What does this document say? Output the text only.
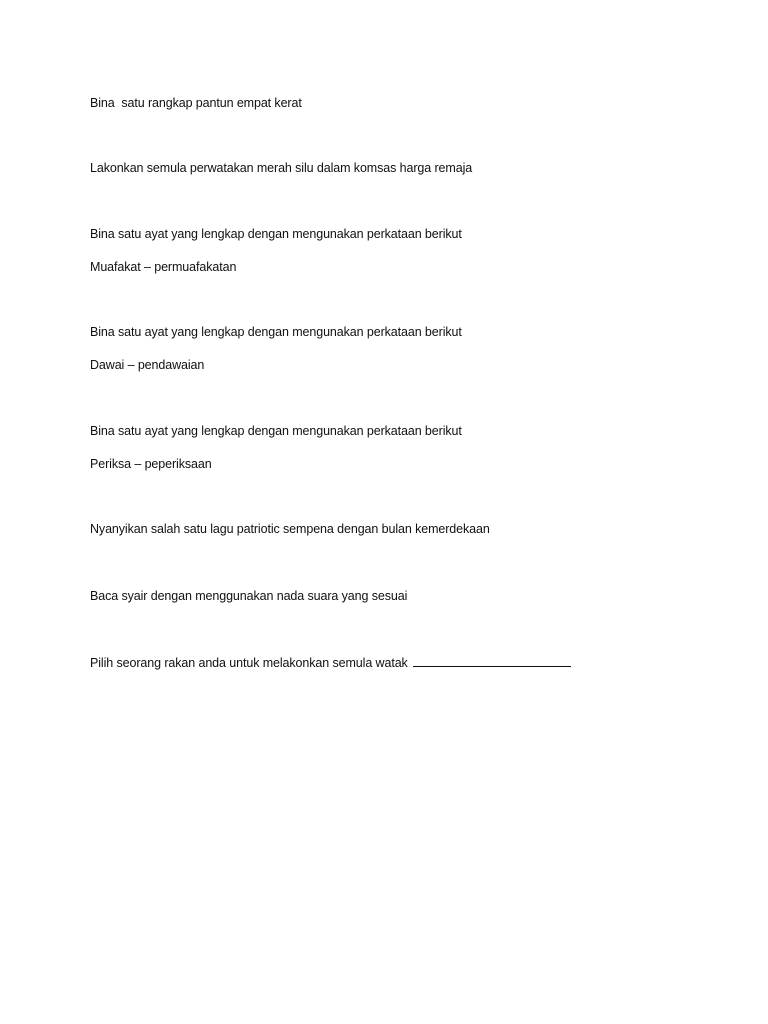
Bina  satu rangkap pantun empat kerat

Lakonkan semula perwatakan merah silu dalam komsas harga remaja

Bina satu ayat yang lengkap dengan mengunakan perkataan berikut

Muafakat – permuafakatan

Bina satu ayat yang lengkap dengan mengunakan perkataan berikut

Dawai – pendawaian

Bina satu ayat yang lengkap dengan mengunakan perkataan berikut

Periksa – peperiksaan

Nyanyikan salah satu lagu patriotic sempena dengan bulan kemerdekaan

Baca syair dengan menggunakan nada suara yang sesuai

Pilih seorang rakan anda untuk melakonkan semula watak
